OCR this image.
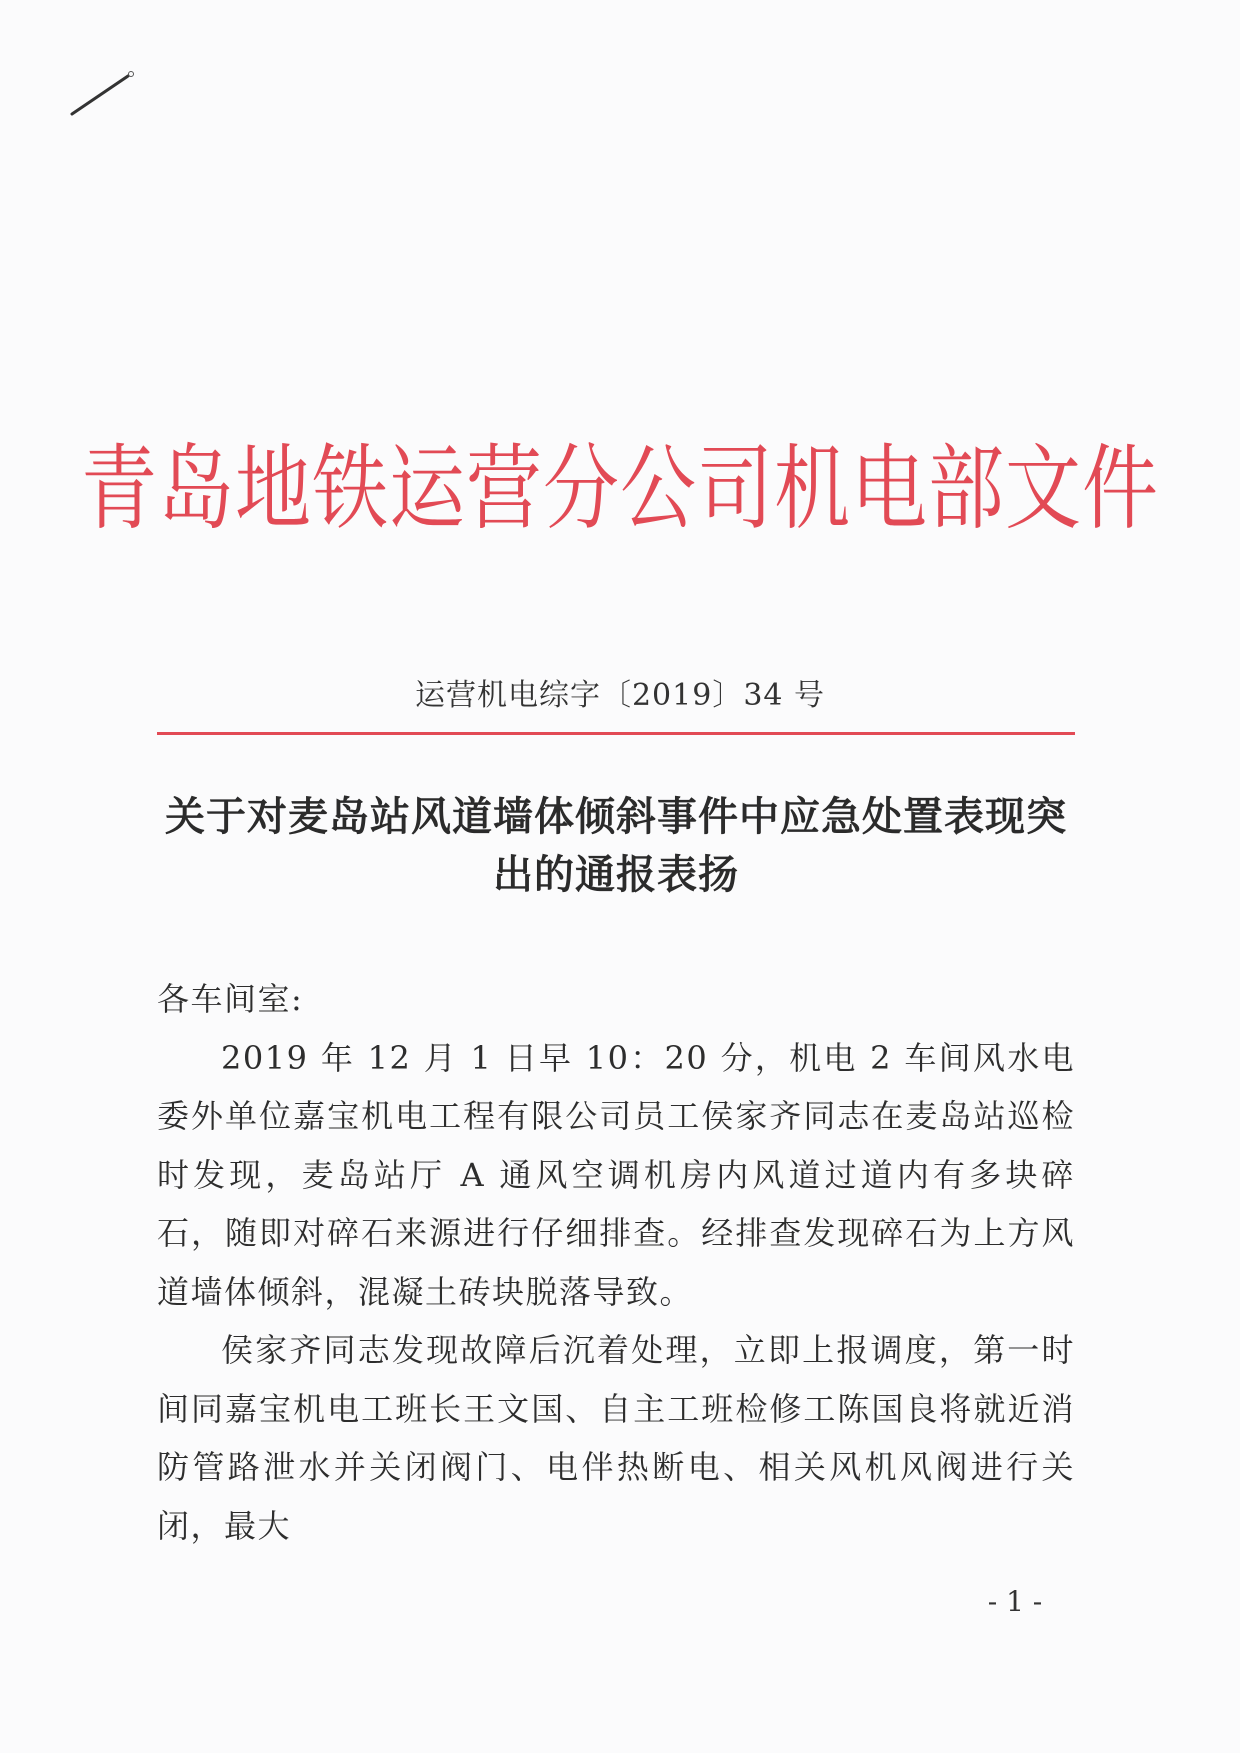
青岛地铁运营分公司机电部文件
运营机电综字〔2019〕34 号
关于对麦岛站风道墙体倾斜事件中应急处置表现突出的通报表扬

各车间室:

2019 年 12 月 1 日早 10：20 分，机电 2 车间风水电委外单位嘉宝机电工程有限公司员工侯家齐同志在麦岛站巡检时发现，麦岛站厅 A 通风空调机房内风道过道内有多块碎石，随即对碎石来源进行仔细排查。经排查发现碎石为上方风道墙体倾斜，混凝土砖块脱落导致。

侯家齐同志发现故障后沉着处理，立即上报调度，第一时间同嘉宝机电工班长王文国、自主工班检修工陈国良将就近消防管路泄水并关闭阀门、电伴热断电、相关风机风阀进行关闭，最大

- 1 -
